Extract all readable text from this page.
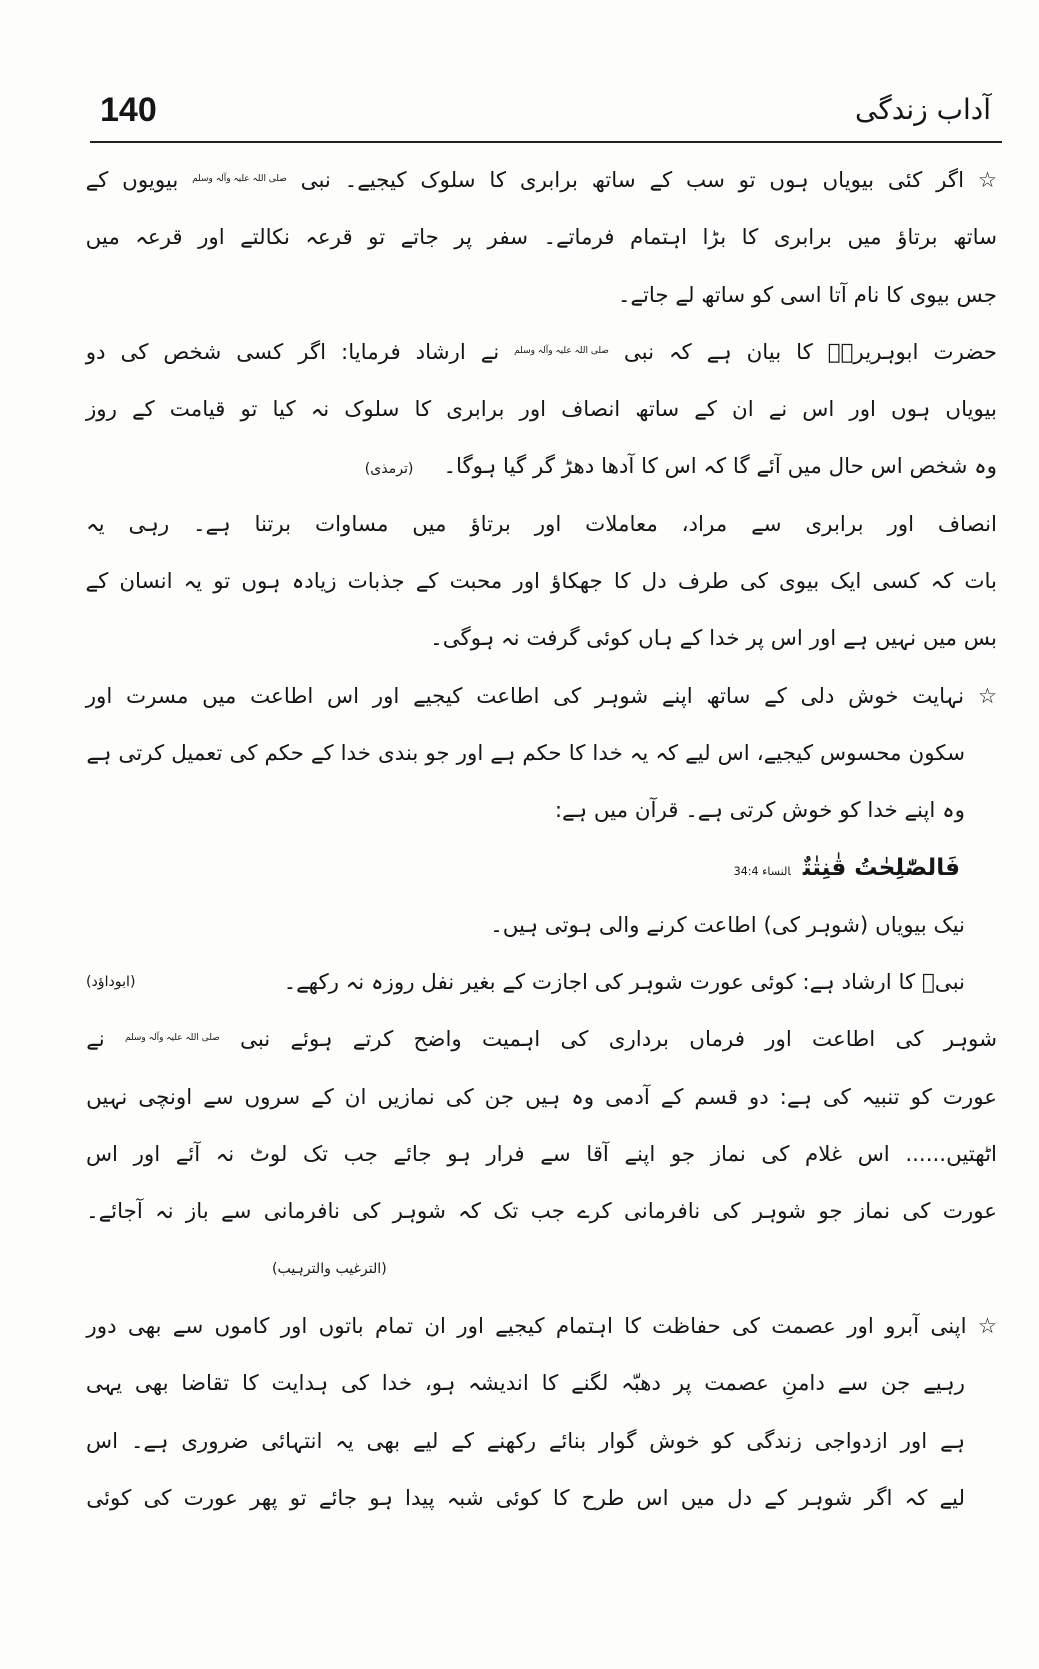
140	آداب زندگی
☆ اگر کئی بیویاں ہوں تو سب کے ساتھ برابری کا سلوک کیجیے۔ نبی صلی اللہ علیہ وآلہ وسلم بیویوں کے
ساتھ برتاؤ میں برابری کا بڑا اہتمام فرماتے۔ سفر پر جاتے تو قرعہ نکالتے اور قرعہ میں
جس بیوی کا نام آتا اسی کو ساتھ لے جاتے۔
حضرت ابوہریرہؓ کا بیان ہے کہ نبی صلی اللہ علیہ وآلہ وسلم نے ارشاد فرمایا: اگر کسی شخص کی دو
بیویاں ہوں اور اس نے ان کے ساتھ انصاف اور برابری کا سلوک نہ کیا تو قیامت کے روز
وہ شخص اس حال میں آئے گا کہ اس کا آدھا دھڑ گر گیا ہوگا۔(ترمذی)
انصاف اور برابری سے مراد، معاملات اور برتاؤ میں مساوات برتنا ہے۔ رہی یہ
بات کہ کسی ایک بیوی کی طرف دل کا جھکاؤ اور محبت کے جذبات زیادہ ہوں تو یہ انسان کے
بس میں نہیں ہے اور اس پر خدا کے ہاں کوئی گرفت نہ ہوگی۔
☆ نہایت خوش دلی کے ساتھ اپنے شوہر کی اطاعت کیجیے اور اس اطاعت میں مسرت اور
سکون محسوس کیجیے، اس لیے کہ یہ خدا کا حکم ہے اور جو بندی خدا کے حکم کی تعمیل کرتی ہے
وہ اپنے خدا کو خوش کرتی ہے۔ قرآن میں ہے:
فَالصّٰلِحٰتُ قٰنِتٰتٌالنساء 34:4
نیک بیویاں (شوہر کی) اطاعت کرنے والی ہوتی ہیں۔
نبیؐ کا ارشاد ہے: کوئی عورت شوہر کی اجازت کے بغیر نفل روزہ نہ رکھے۔
(ابوداؤد)
شوہر کی اطاعت اور فرماں برداری کی اہمیت واضح کرتے ہوئے نبی صلی اللہ علیہ وآلہ وسلم نے
عورت کو تنبیہ کی ہے: دو قسم کے آدمی وہ ہیں جن کی نمازیں ان کے سروں سے اونچی نہیں
اٹھتیں...... اس غلام کی نماز جو اپنے آقا سے فرار ہو جائے جب تک لوٹ نہ آئے اور اس
عورت کی نماز جو شوہر کی نافرمانی کرے جب تک کہ شوہر کی نافرمانی سے باز نہ آجائے۔
(الترغیب والترہیب)
☆ اپنی آبرو اور عصمت کی حفاظت کا اہتمام کیجیے اور ان تمام باتوں اور کاموں سے بھی دور
رہیے جن سے دامنِ عصمت پر دھبّہ لگنے کا اندیشہ ہو، خدا کی ہدایت کا تقاضا بھی یہی
ہے اور ازدواجی زندگی کو خوش گوار بنائے رکھنے کے لیے بھی یہ انتہائی ضروری ہے۔ اس
لیے کہ اگر شوہر کے دل میں اس طرح کا کوئی شبہ پیدا ہو جائے تو پھر عورت کی کوئی
